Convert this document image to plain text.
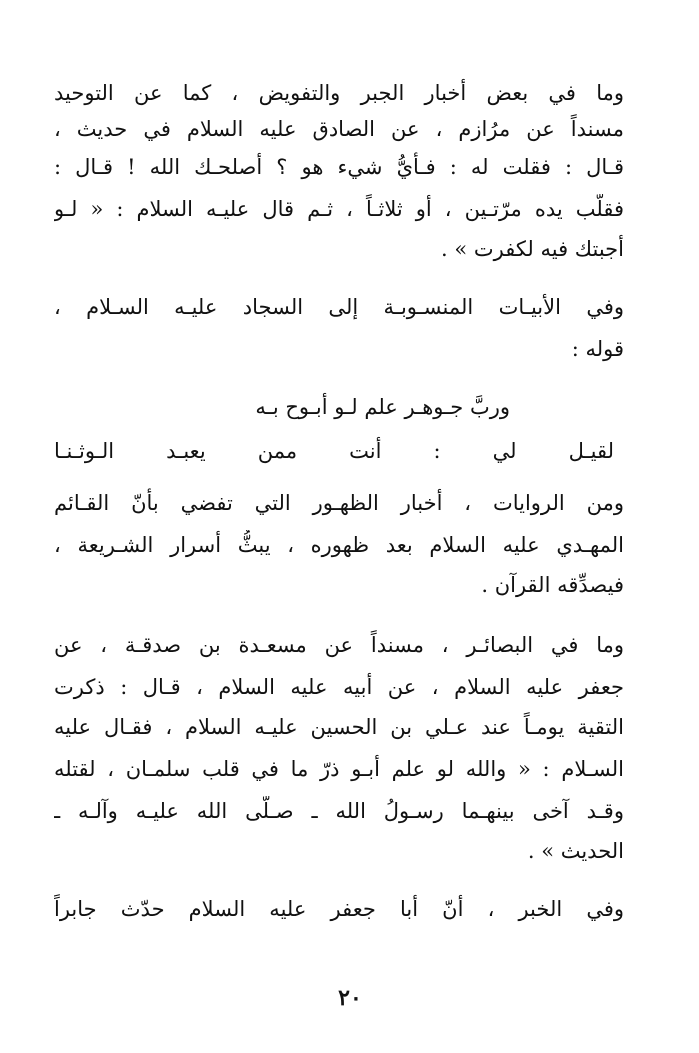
وما في بعض أخبار الجبر والتفويض ، كما عن التوحيد
مسنداً عن مرُازم ، عن الصادق عليه السلام في حديث ،
قـال : فقلت له : فـأيُّ شيء هو ؟ أصلحـك الله ! قـال :
فقلّب يده مرّتـين ، أو ثلاثـاً ، ثـم قال عليـه السلام : « لـو
أجبتك فيه لكفرت » .
وفي الأبيـات المنسـوبـة إلى السجاد عليـه السـلام ،
قوله :
وربَّ جـوهـر علم لـو أبـوح بـه
لقيـل لي : أنت ممن يعبـد الـوثـنـا
ومن الروايات ، أخبار الظهـور التي تفضي بأنّ القـائم
المهـدي عليه السلام بعد ظهوره ، يبثُّ أسرار الشـريعة ،
فيصدِّقه القرآن .
وما في البصائـر ، مسنداً عن مسعـدة بن صدقـة ، عن
جعفر عليه السلام ، عن أبيه عليه السلام ، قـال : ذكرت
التقية يومـاً عند عـلي بن الحسين عليـه السلام ، فقـال عليه
السـلام : « والله لو علم أبـو ذرّ ما في قلب سلمـان ، لقتله
وقـد آخى بينهـما رسـولُ الله ـ صـلّى الله عليـه وآلـه ـ
الحديث » .
وفي الخبر ، أنّ أبا جعفر عليه السلام حدّث جابراً
٢٠
